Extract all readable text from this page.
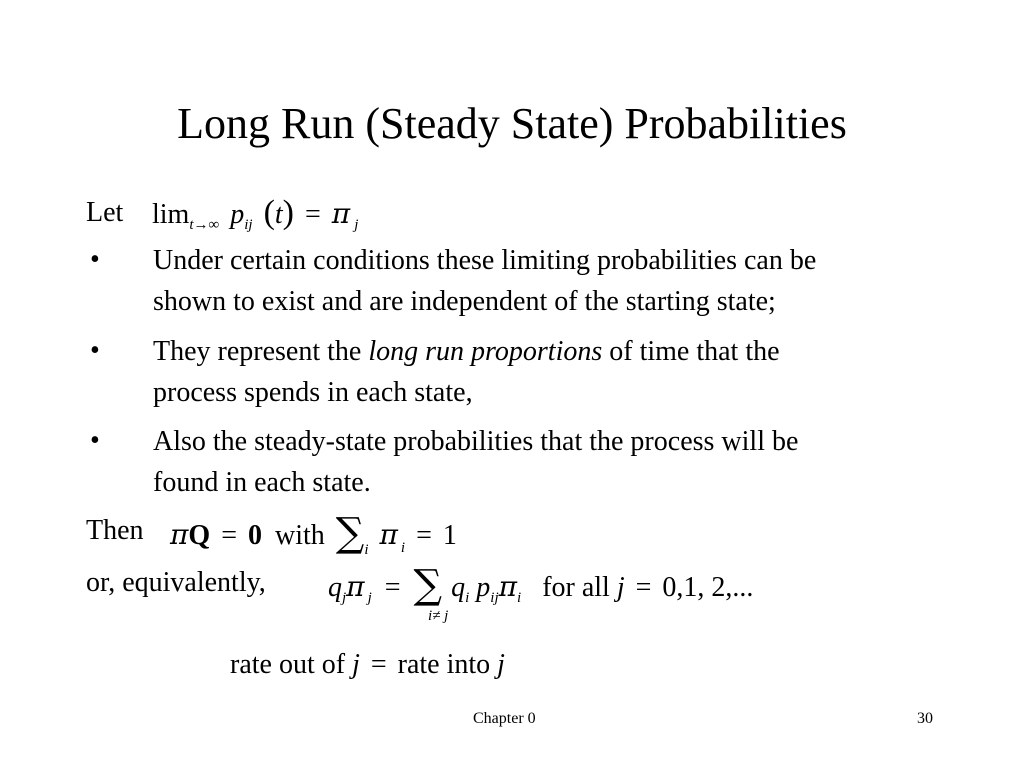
Long Run (Steady State) Probabilities
Let $\lim_{t\to\infty} p_{ij}$ (t) = π $_j$
• Under certain conditions these limiting probabilities can be
shown to exist and are independent of the starting state;
• They represent the long run proportions of time that the
process spends in each state,
• Also the steady-state probabilities that the process will be
found in each state.
Then πQ = 0 with $\sum_i$ π $_i$ = 1
or, equivalently, $q_j\pi$ $_j$ = ∑ $q_i$ $p_{ij}\pi_i$ for all j = 0,1, 2,...
i≠ j
rate out of j = rate into j
Chapter 0	30
